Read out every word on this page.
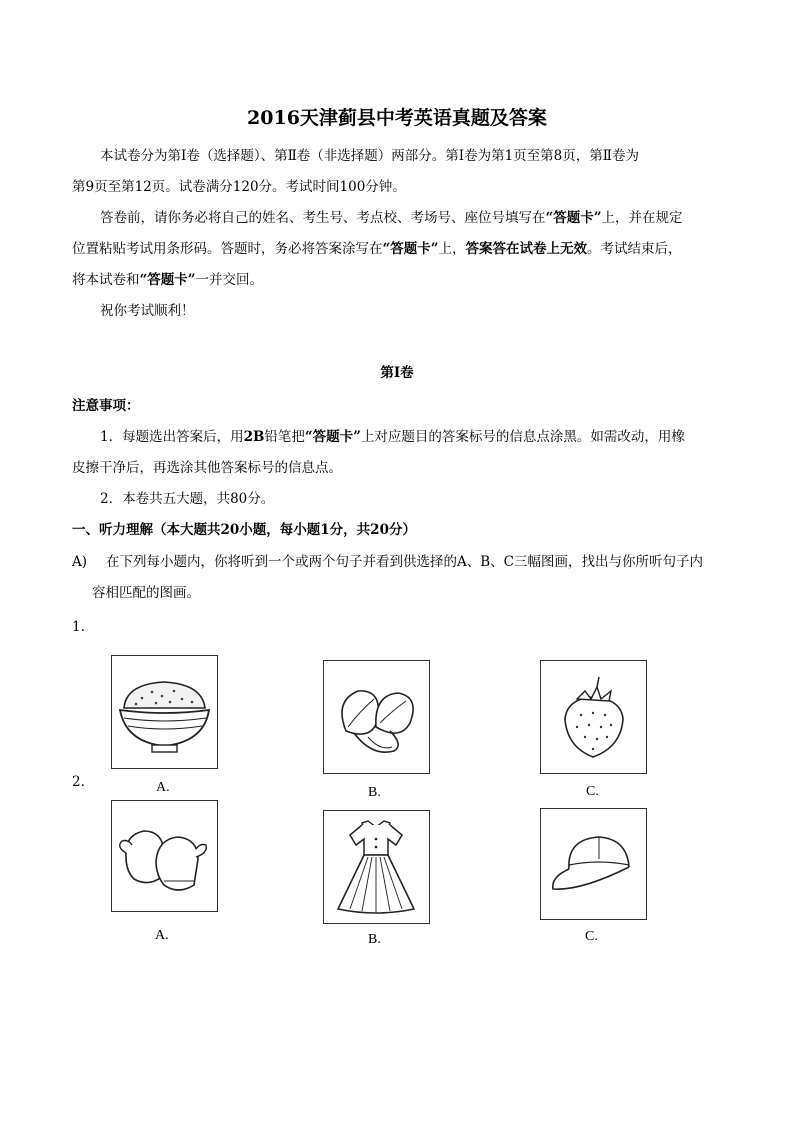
2016天津蓟县中考英语真题及答案
本试卷分为第Ⅰ卷（选择题）、第Ⅱ卷（非选择题）两部分。第Ⅰ卷为第1页至第8页，第Ⅱ卷为
第9页至第12页。试卷满分120分。考试时间100分钟。
答卷前，请你务必将自己的姓名、考生号、考点校、考场号、座位号填写在“答题卡”上，并在规定
位置粘贴考试用条形码。答题时，务必将答案涂写在“答题卡”上，答案答在试卷上无效。考试结束后，
将本试卷和“答题卡”一并交回。
祝你考试顺利！
第Ⅰ卷
注意事项：
1．每题选出答案后，用2B铅笔把“答题卡”上对应题目的答案标号的信息点涂黑。如需改动，用橡
皮擦干净后，再选涂其他答案标号的信息点。
2．本卷共五大题，共80分。
一、听力理解（本大题共20小题，每小题1分，共20分）
A) 在下列每小题内，你将听到一个或两个句子并看到供选择的A、B、C三幅图画，找出与你所听句子内
容相匹配的图画。
1.
A.	B.	C.
2.
A.	B.	C.
